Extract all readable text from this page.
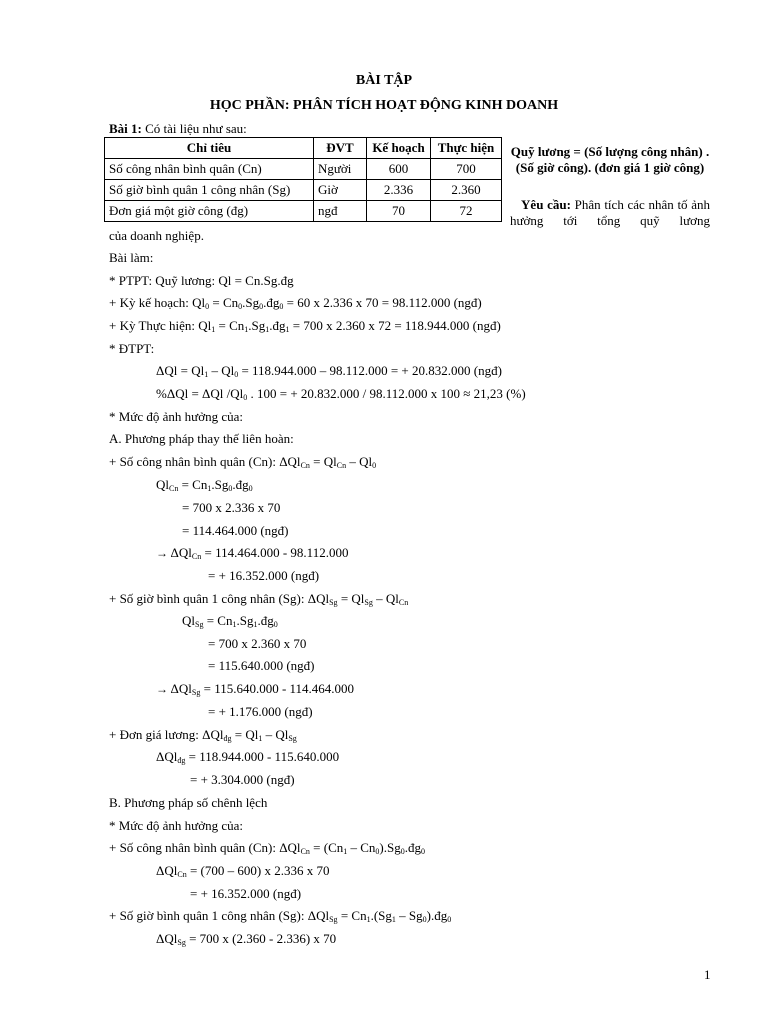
BÀI TẬP
HỌC PHẦN: PHÂN TÍCH HOẠT ĐỘNG KINH DOANH
Bài 1: Có tài liệu như sau:
Chỉ tiêu	ĐVT	Kế hoạch	Thực hiện
Số công nhân bình quân (Cn)	Người	600	700
Số giờ bình quân 1 công nhân (Sg)	Giờ	2.336	2.360
Đơn giá một giờ công (đg)	ngđ	70	72
Quỹ lương = (Số lượng công nhân) . (Số giờ công). (đơn giá 1 giờ công)
Yêu cầu: Phân tích các nhân tố ảnh hưởng tới tổng quỹ lương
của doanh nghiệp.
Bài làm:
* PTPT: Quỹ lương: Ql = Cn.Sg.đg
+ Kỳ kế hoạch: $Ql_0$ = $Cn_0.Sg_0.đg_0 = 60$ x 2.336 x 70 = 98.112.000 (ngđ)
+ Kỳ Thực hiện: $Ql_1$ = $Cn_1.Sg_1.đg_1 = 700$ x 2.360 x 72 = 118.944.000 (ngđ)
* ĐTPT:
$\Delta Ql = Ql_1 - Ql_0 = 118.944.000 - 98.112.000$ = + 20.832.000 (ngđ)
%ΔQl = ΔQl $/Ql_0$ . 100 = + 20.832.000 / 98.112.000 x 100 ≈ 21,23 (%)
* Mức độ ảnh hưởng của:
A. Phương pháp thay thế liên hoàn:
+ Số công nhân bình quân (Cn): $\Delta Ql_{Cn} = Ql_{Cn} - Ql_0$
$Ql_{Cn}$ = $Cn_1.Sg_0.đg_0$
= 700 x 2.336 x 70
= 114.464.000 (ngđ)
→ ΔQl$_{Cn}$ = 114.464.000 - 98.112.000
= + 16.352.000 (ngđ)
+ Số giờ bình quân 1 công nhân (Sg): $\Delta Ql_{Sg} = Ql_{Sg} - Ql_{Cn}$
$Ql_{Sg}$ = $Cn_1.Sg_1.đg_0$
= 700 x 2.360 x 70
= 115.640.000 (ngđ)
→ ΔQl$_{Sg}$ = 115.640.000 - 114.464.000
= + 1.176.000 (ngđ)
+ Đơn giá lương: $\Delta Ql_{đg} = Ql_1 - Ql_{Sg}$
ΔQl$_{đg}$ = 118.944.000 - 115.640.000
= + 3.304.000 (ngđ)
B. Phương pháp số chênh lệch
* Mức độ ảnh hưởng của:
+ Số công nhân bình quân (Cn): $\Delta Ql_{Cn} = (Cn_1$ – $Cn_0).Sg_0.đg_0$
ΔQl$_{Cn}$ = (700 – 600) x 2.336 x 70
= + 16.352.000 (ngđ)
+ Số giờ bình quân 1 công nhân (Sg): $\Delta Ql_{Sg} = Cn_1.(Sg_1$ – $Sg_0).đg_0$
ΔQl$_{Sg}$ = 700 x (2.360 - 2.336) x 70
1
